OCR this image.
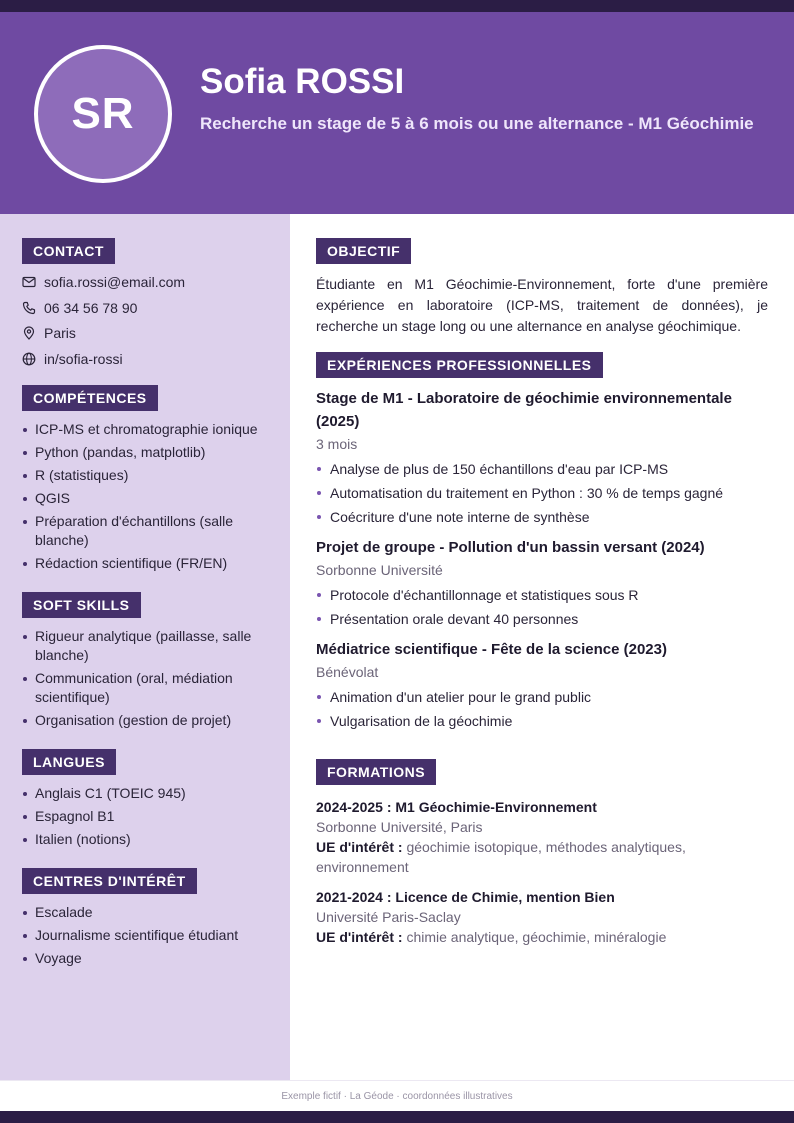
SR
Sofia ROSSI
Recherche un stage de 5 à 6 mois ou une alternance - M1 Géochimie
CONTACT
sofia.rossi@email.com
06 34 56 78 90
Paris
in/sofia-rossi
COMPÉTENCES
ICP-MS et chromatographie ionique
Python (pandas, matplotlib)
R (statistiques)
QGIS
Préparation d'échantillons (salle blanche)
Rédaction scientifique (FR/EN)
SOFT SKILLS
Rigueur analytique (paillasse, salle blanche)
Communication (oral, médiation scientifique)
Organisation (gestion de projet)
LANGUES
Anglais C1 (TOEIC 945)
Espagnol B1
Italien (notions)
CENTRES D'INTÉRÊT
Escalade
Journalisme scientifique étudiant
Voyage
OBJECTIF

Étudiante en M1 Géochimie-Environnement, forte d'une première expérience en laboratoire (ICP-MS, traitement de données), je recherche un stage long ou une alternance en analyse géochimique.

EXPÉRIENCES PROFESSIONNELLES
Stage de M1 - Laboratoire de géochimie environnementale (2025)
3 mois
Analyse de plus de 150 échantillons d'eau par ICP-MS
Automatisation du traitement en Python : 30 % de temps gagné
Coécriture d'une note interne de synthèse
Projet de groupe - Pollution d'un bassin versant (2024)
Sorbonne Université
Protocole d'échantillonnage et statistiques sous R
Présentation orale devant 40 personnes
Médiatrice scientifique - Fête de la science (2023)
Bénévolat
Animation d'un atelier pour le grand public
Vulgarisation de la géochimie
FORMATIONS
2024-2025 : M1 Géochimie-Environnement
Sorbonne Université, Paris
UE d'intérêt : géochimie isotopique, méthodes analytiques, environnement
2021-2024 : Licence de Chimie, mention Bien
Université Paris-Saclay
UE d'intérêt : chimie analytique, géochimie, minéralogie
Exemple fictif · La Géode · coordonnées illustratives
